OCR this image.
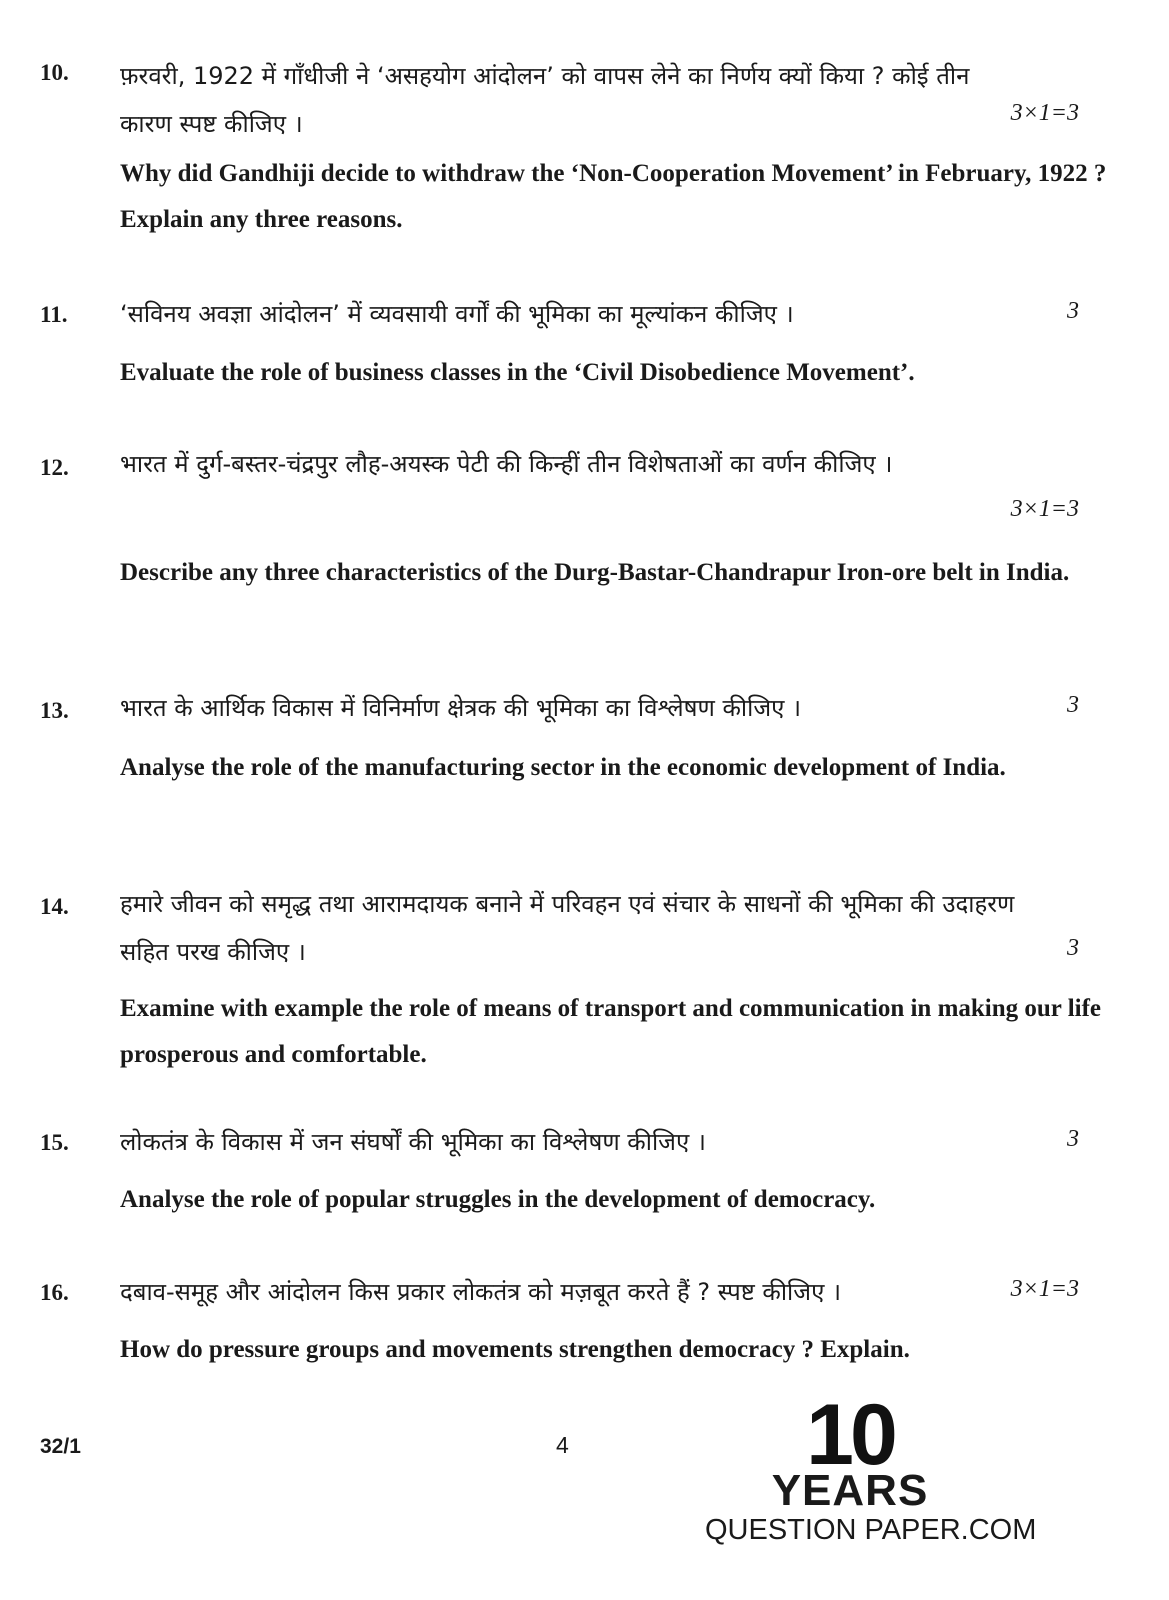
10. फ़रवरी, 1922 में गाँधीजी ने ‘असहयोग आंदोलन’ को वापस लेने का निर्णय क्यों किया ? कोई तीन कारण स्पष्ट कीजिए ।	3×1=3
Why did Gandhiji decide to withdraw the ‘Non-Cooperation Movement’ in February, 1922 ? Explain any three reasons.
11. ‘सविनय अवज्ञा आंदोलन’ में व्यवसायी वर्गों की भूमिका का मूल्यांकन कीजिए ।	3
Evaluate the role of business classes in the ‘Civil Disobedience Movement’.
12. भारत में दुर्ग-बस्तर-चंद्रपुर लौह-अयस्क पेटी की किन्हीं तीन विशेषताओं का वर्णन कीजिए ।
3×1=3
Describe any three characteristics of the Durg-Bastar-Chandrapur Iron-ore belt in India.
13. भारत के आर्थिक विकास में विनिर्माण क्षेत्रक की भूमिका का विश्लेषण कीजिए ।	3
Analyse the role of the manufacturing sector in the economic development of India.
14. हमारे जीवन को समृद्ध तथा आरामदायक बनाने में परिवहन एवं संचार के साधनों की भूमिका की उदाहरण सहित परख कीजिए ।	3
Examine with example the role of means of transport and communication in making our life prosperous and comfortable.
15. लोकतंत्र के विकास में जन संघर्षों की भूमिका का विश्लेषण कीजिए ।	3
Analyse the role of popular struggles in the development of democracy.
16. दबाव-समूह और आंदोलन किस प्रकार लोकतंत्र को मज़बूत करते हैं ? स्पष्ट कीजिए ।	3×1=3
How do pressure groups and movements strengthen democracy ? Explain.
32/1	4	10
YEARS
QUESTION PAPER.COM
